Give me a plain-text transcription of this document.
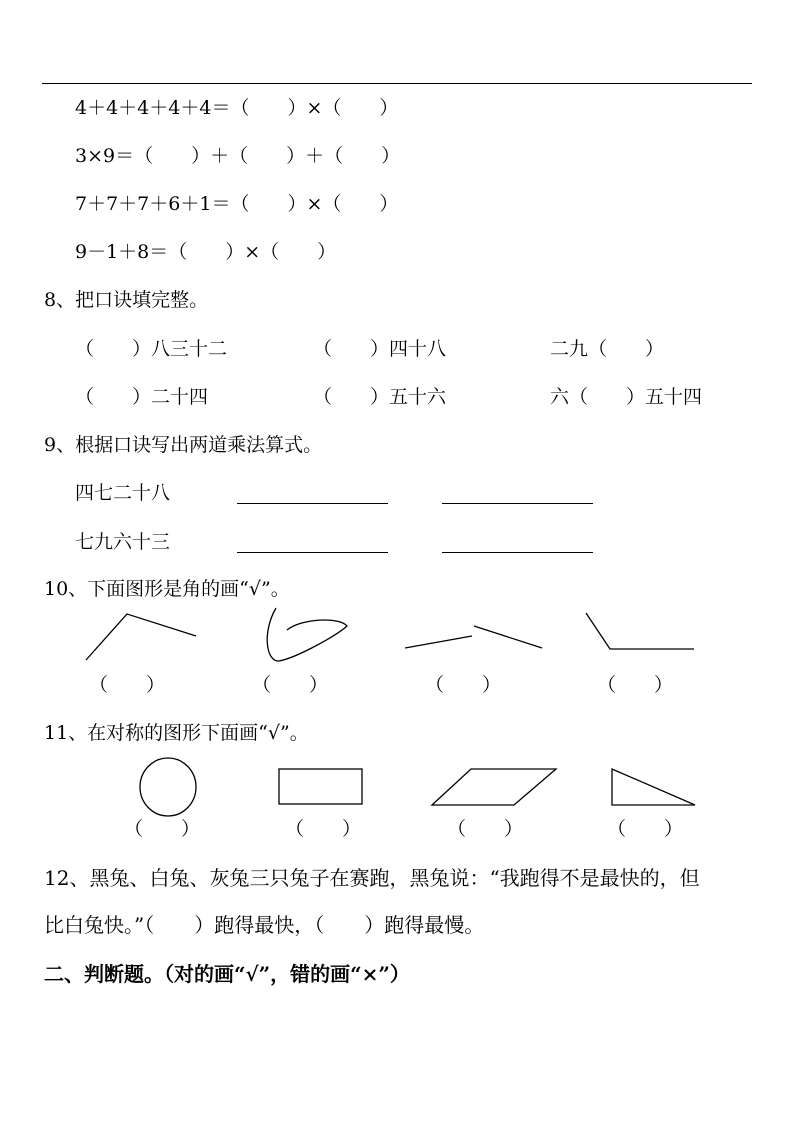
4＋4＋4＋4＋4＝（　　）×（　　）
3×9＝（　　）＋（　　）＋（　　）
7＋7＋7＋6＋1＝（　　）×（　　）
9－1＋8＝（　　）×（　　）
8、把口诀填完整。
（　　）八三十二	（　　）四十八	二九（　　）
（　　）二十四	（　　）五十六	六（　　）五十四
9、根据口诀写出两道乘法算式。
四七二十八
七九六十三
10、下面图形是角的画“√”。
（　　）	（　　）	（　　）	（　　）
11、在对称的图形下面画“√”。
（　　）	（　　）	（　　）	（　　）
12、黑兔、白兔、灰兔三只兔子在赛跑，黑兔说：“我跑得不是最快的，但
比白兔快。”（　　）跑得最快，（　　）跑得最慢。
二、判断题。（对的画“√”，错的画“×”）
